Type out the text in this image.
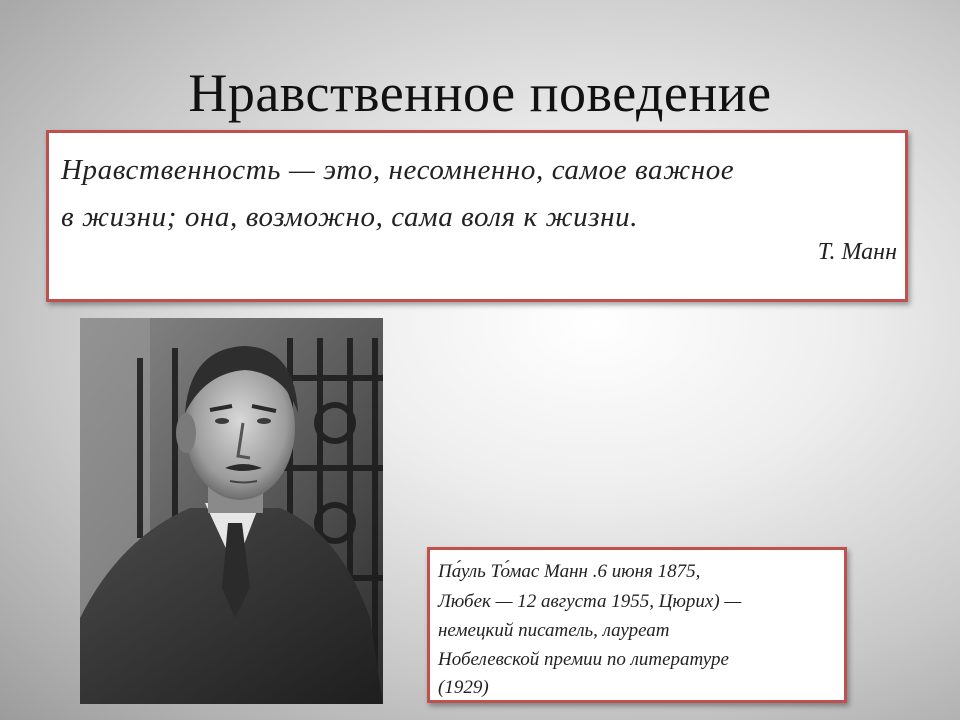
Нравственное поведение
Нравственность — это, несомненно, самое важное
в жизни; она, возможно, сама воля к жизни.
Т. Манн
Па́уль То́мас Манн .6 июня 1875,
Любек — 12 августа 1955, Цюрих) —
немецкий писатель, лауреат
Нобелевской премии по литературе
(1929)
